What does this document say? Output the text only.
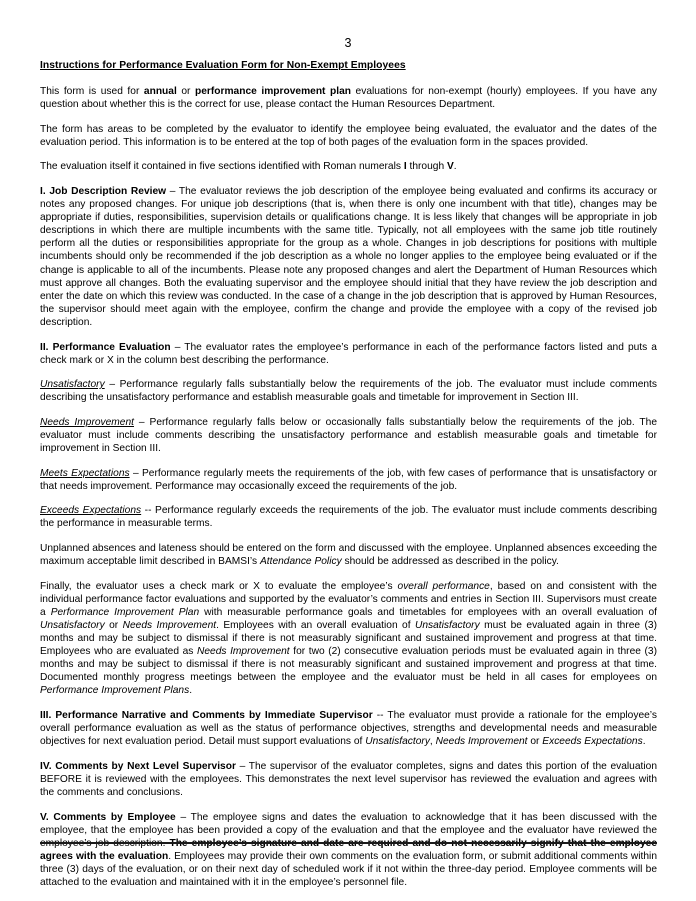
3
Instructions for Performance Evaluation Form for Non-Exempt Employees

This form is used for annual or performance improvement plan evaluations for non-exempt (hourly) employees. If you have any question about whether this is the correct for use, please contact the Human Resources Department.

The form has areas to be completed by the evaluator to identify the employee being evaluated, the evaluator and the dates of the evaluation period. This information is to be entered at the top of both pages of the evaluation form in the spaces provided.

The evaluation itself it contained in five sections identified with Roman numerals I through V.

I. Job Description Review – The evaluator reviews the job description of the employee being evaluated and confirms its accuracy or notes any proposed changes. For unique job descriptions (that is, when there is only one incumbent with that title), changes may be appropriate if duties, responsibilities, supervision details or qualifications change. It is less likely that changes will be appropriate in job descriptions in which there are multiple incumbents with the same title. Typically, not all employees with the same job title routinely perform all the duties or responsibilities appropriate for the group as a whole. Changes in job descriptions for positions with multiple incumbents should only be recommended if the job description as a whole no longer applies to the employee being evaluated or if the change is applicable to all of the incumbents. Please note any proposed changes and alert the Department of Human Resources which must approve all changes. Both the evaluating supervisor and the employee should initial that they have review the job description and enter the date on which this review was conducted. In the case of a change in the job description that is approved by Human Resources, the supervisor should meet again with the employee, confirm the change and provide the employee with a copy of the revised job description.

II. Performance Evaluation – The evaluator rates the employee’s performance in each of the performance factors listed and puts a check mark or X in the column best describing the performance.

Unsatisfactory – Performance regularly falls substantially below the requirements of the job. The evaluator must include comments describing the unsatisfactory performance and establish measurable goals and timetable for improvement in Section III.

Needs Improvement – Performance regularly falls below or occasionally falls substantially below the requirements of the job. The evaluator must include comments describing the unsatisfactory performance and establish measurable goals and timetable for improvement in Section III.

Meets Expectations – Performance regularly meets the requirements of the job, with few cases of performance that is unsatisfactory or that needs improvement. Performance may occasionally exceed the requirements of the job.

Exceeds Expectations -- Performance regularly exceeds the requirements of the job. The evaluator must include comments describing the performance in measurable terms.

Unplanned absences and lateness should be entered on the form and discussed with the employee. Unplanned absences exceeding the maximum acceptable limit described in BAMSI’s Attendance Policy should be addressed as described in the policy.

Finally, the evaluator uses a check mark or X to evaluate the employee’s overall performance, based on and consistent with the individual performance factor evaluations and supported by the evaluator’s comments and entries in Section III. Supervisors must create a Performance Improvement Plan with measurable performance goals and timetables for employees with an overall evaluation of Unsatisfactory or Needs Improvement. Employees with an overall evaluation of Unsatisfactory must be evaluated again in three (3) months and may be subject to dismissal if there is not measurably significant and sustained improvement and progress at that time. Employees who are evaluated as Needs Improvement for two (2) consecutive evaluation periods must be evaluated again in three (3) months and may be subject to dismissal if there is not measurably significant and sustained improvement and progress at that time. Documented monthly progress meetings between the employee and the evaluator must be held in all cases for employees on Performance Improvement Plans.

III. Performance Narrative and Comments by Immediate Supervisor -- The evaluator must provide a rationale for the employee’s overall performance evaluation as well as the status of performance objectives, strengths and developmental needs and measurable objectives for next evaluation period. Detail must support evaluations of Unsatisfactory, Needs Improvement or Exceeds Expectations.

IV. Comments by Next Level Supervisor – The supervisor of the evaluator completes, signs and dates this portion of the evaluation BEFORE it is reviewed with the employees. This demonstrates the next level supervisor has reviewed the evaluation and agrees with the comments and conclusions.

V. Comments by Employee – The employee signs and dates the evaluation to acknowledge that it has been discussed with the employee, that the employee has been provided a copy of the evaluation and that the employee and the evaluator have reviewed the employee’s job description. The employee’s signature and date are required and do not necessarily signify that the employee agrees with the evaluation. Employees may provide their own comments on the evaluation form, or submit additional comments within three (3) days of the evaluation, or on their next day of scheduled work if it not within the three-day period. Employee comments will be attached to the evaluation and maintained with it in the employee’s personnel file.
